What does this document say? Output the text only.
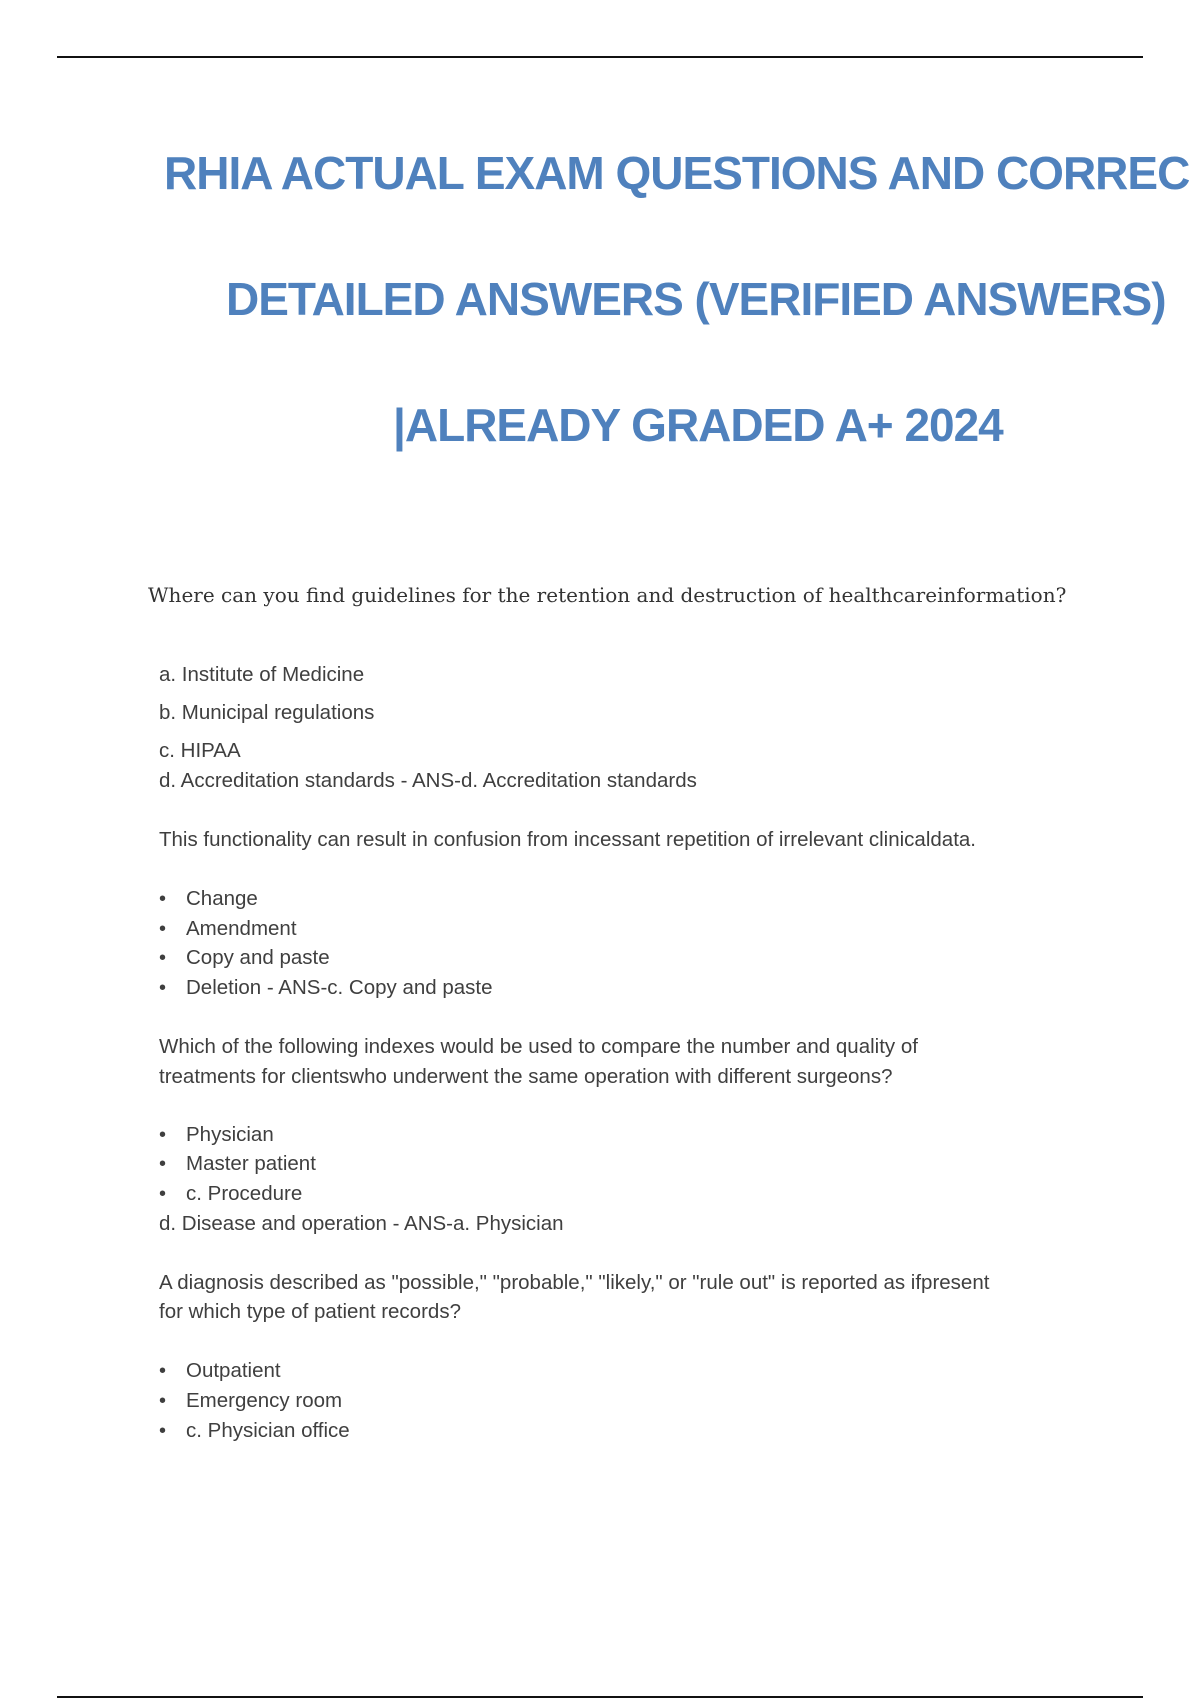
RHIA ACTUAL EXAM QUESTIONS AND CORREC
DETAILED ANSWERS (VERIFIED ANSWERS)
|ALREADY GRADED A+ 2024
Where can you find guidelines for the retention and destruction of healthcareinformation?
a. Institute of Medicine
b. Municipal regulations
c. HIPAA
d. Accreditation standards - ANS-d. Accreditation standards
This functionality can result in confusion from incessant repetition of irrelevant clinicaldata.
• Change
• Amendment
• Copy and paste
• Deletion - ANS-c. Copy and paste
Which of the following indexes would be used to compare the number and quality of
treatments for clientswho underwent the same operation with different surgeons?
• Physician
• Master patient
• c. Procedure
d. Disease and operation - ANS-a. Physician
A diagnosis described as "possible," "probable," "likely," or "rule out" is reported as ifpresent
for which type of patient records?
• Outpatient
• Emergency room
• c. Physician office
